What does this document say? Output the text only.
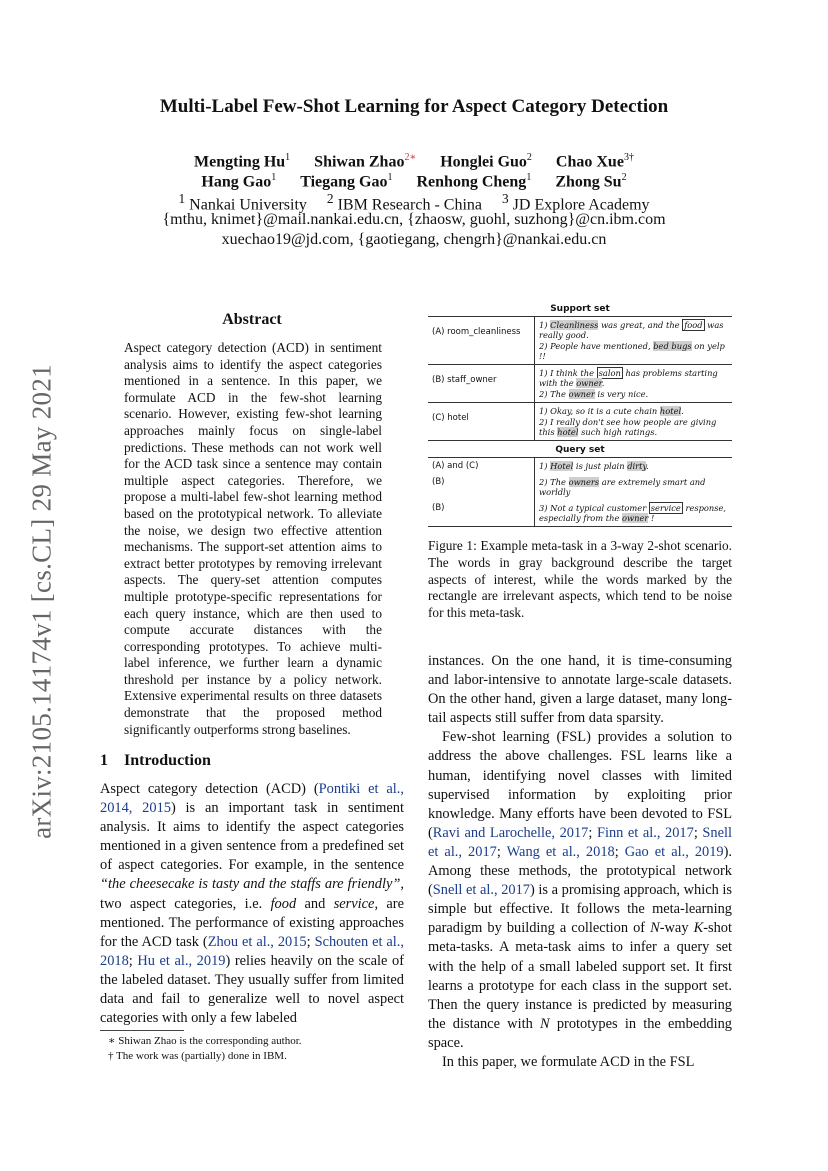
arXiv:2105.14174v1 [cs.CL] 29 May 2021
Multi-Label Few-Shot Learning for Aspect Category Detection
Mengting Hu$^1$ Shiwan Zhao$^{2∗}$ Honglei Guo$^2$ Chao Xue$^{3\dagger}$
Hang Gao$^1$ Tiegang Gao$^1$ Renhong Cheng$^1$ Zhong Su$^2$
$^1$ Nankai University $^2$ IBM Research - China $^3$ JD Explore Academy
{mthu, knimet}@mail.nankai.edu.cn, {zhaosw, guohl, suzhong}@cn.ibm.com
xuechao19@jd.com, {gaotiegang, chengrh}@nankai.edu.cn
Abstract
Aspect category detection (ACD) in sentiment analysis aims to identify the aspect categories mentioned in a sentence. In this paper, we formulate ACD in the few-shot learning scenario. However, existing few-shot learning approaches mainly focus on single-label predictions. These methods can not work well for the ACD task since a sentence may contain multiple aspect categories. Therefore, we propose a multi-label few-shot learning method based on the prototypical network. To alleviate the noise, we design two effective attention mechanisms. The support-set attention aims to extract better prototypes by removing irrelevant aspects. The query-set attention computes multiple prototype-specific representations for each query instance, which are then used to compute accurate distances with the corresponding prototypes. To achieve multi-label inference, we further learn a dynamic threshold per instance by a policy network. Extensive experimental results on three datasets demonstrate that the proposed method significantly outperforms strong baselines.
1 Introduction
Aspect category detection (ACD) (Pontiki et al., 2014, 2015) is an important task in sentiment analysis. It aims to identify the aspect categories mentioned in a given sentence from a predefined set of aspect categories. For example, in the sentence “the cheesecake is tasty and the staffs are friendly”, two aspect categories, i.e. food and service, are mentioned. The performance of existing approaches for the ACD task (Zhou et al., 2015; Schouten et al., 2018; Hu et al., 2019) relies heavily on the scale of the labeled dataset. They usually suffer from limited data and fail to generalize well to novel aspect categories with only a few labeled
∗ Shiwan Zhao is the corresponding author.
† The work was (partially) done in IBM.
Support set	
(A) room_cleanliness	1) Cleanliness was great, and the food was really good.
2) People have mentioned, bed bugs on yelp !!

(B) staff_owner	1) I think the salon has problems starting with the owner.
2) The owner is very nice.

(C) hotel	1) Okay, so it is a cute chain hotel.
2) I really don't see how people are giving this hotel such high ratings.

Query set	
(A) and (C)	1) Hotel is just plain dirty.

(B)	2) The owners are extremely smart and worldly

(B)	3) Not a typical customer service response, especially from the owner !
Figure 1: Example meta-task in a 3-way 2-shot scenario. The words in gray background describe the target aspects of interest, while the words marked by the rectangle are irrelevant aspects, which tend to be noise for this meta-task.

instances. On the one hand, it is time-consuming and labor-intensive to annotate large-scale datasets. On the other hand, given a large dataset, many long-tail aspects still suffer from data sparsity.

Few-shot learning (FSL) provides a solution to address the above challenges. FSL learns like a human, identifying novel classes with limited supervised information by exploiting prior knowledge. Many efforts have been devoted to FSL (Ravi and Larochelle, 2017; Finn et al., 2017; Snell et al., 2017; Wang et al., 2018; Gao et al., 2019). Among these methods, the prototypical network (Snell et al., 2017) is a promising approach, which is simple but effective. It follows the meta-learning paradigm by building a collection of N-way K-shot meta-tasks. A meta-task aims to infer a query set with the help of a small labeled support set. It first learns a prototype for each class in the support set. Then the query instance is predicted by measuring the distance with N prototypes in the embedding space.

In this paper, we formulate ACD in the FSL
